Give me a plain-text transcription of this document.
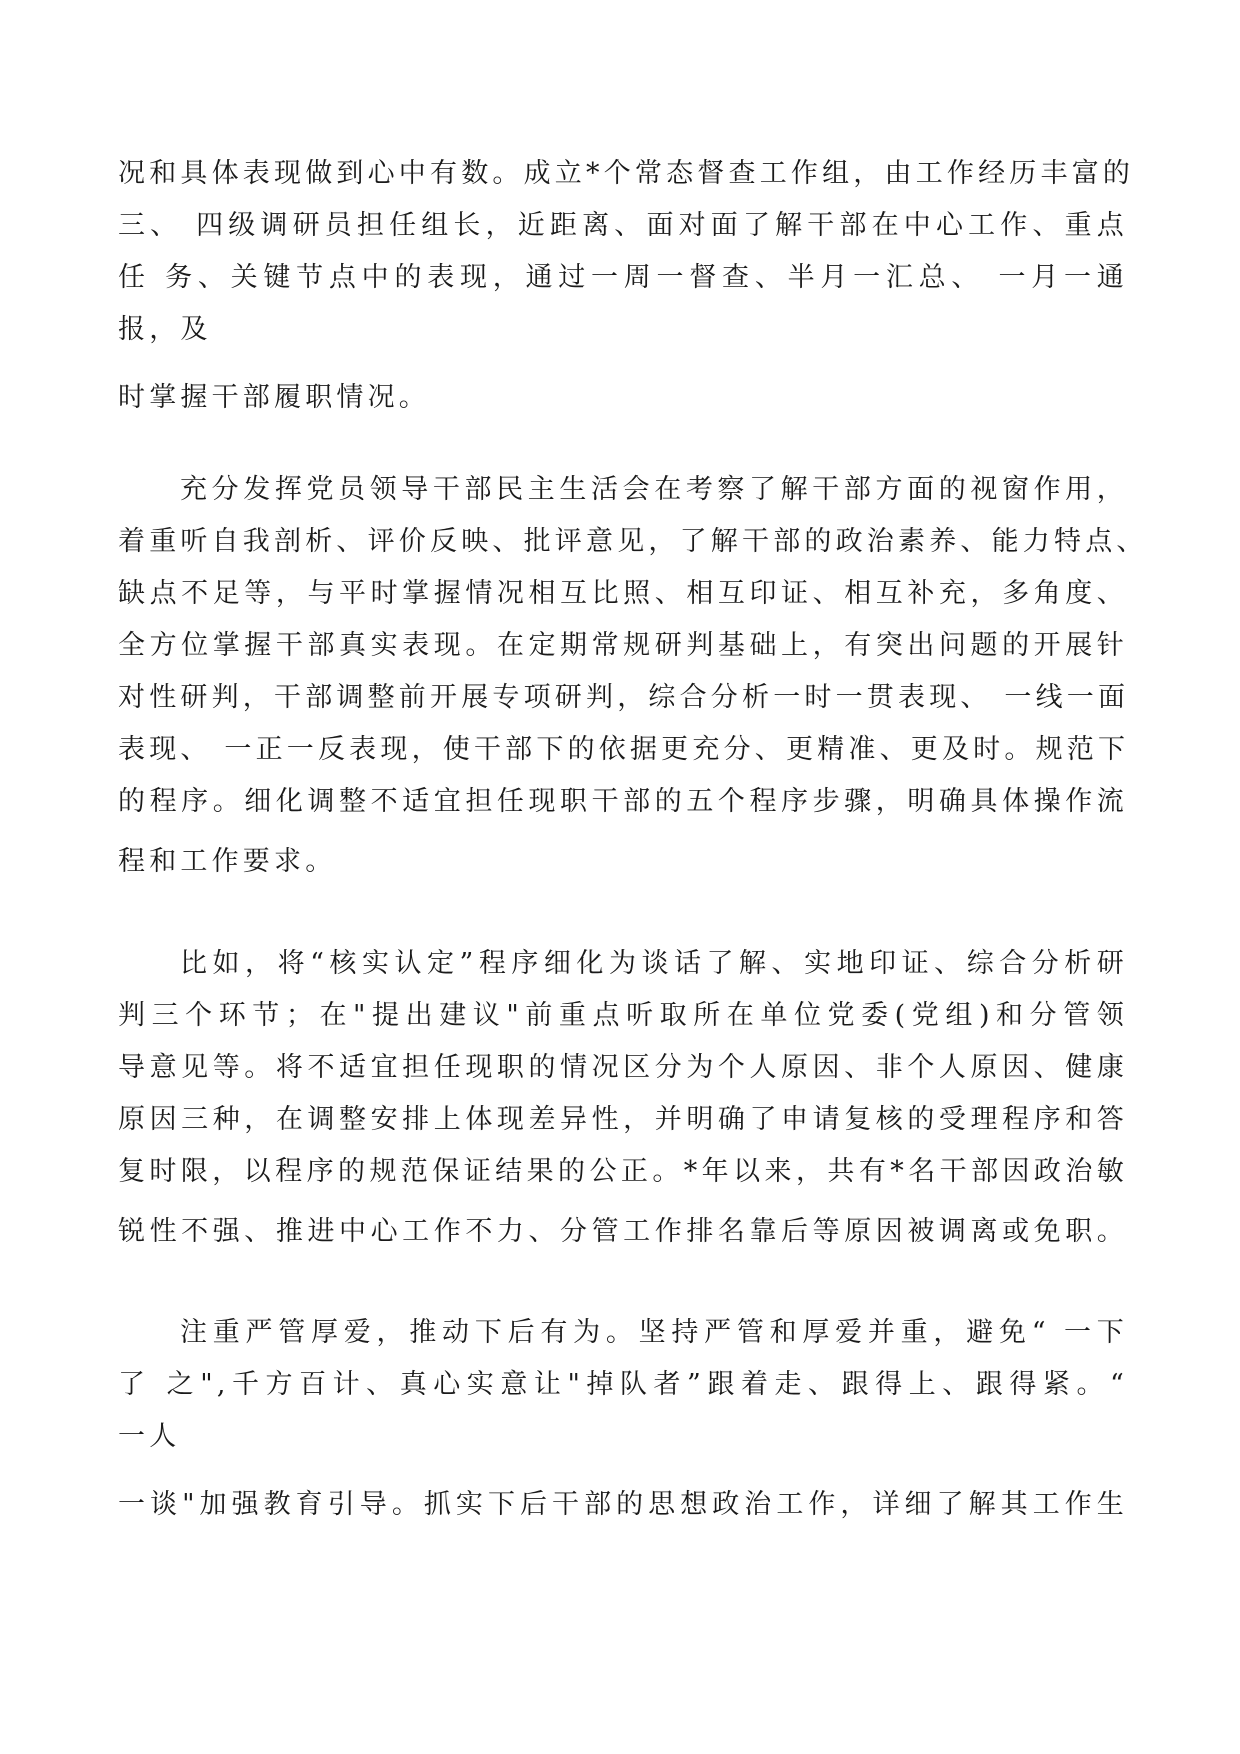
况和具体表现做到心中有数。成立*个常态督查工作组，由工作经历丰富的
三、 四级调研员担任组长，近距离、面对面了解干部在中心工作、重点
任 务、关键节点中的表现，通过一周一督查、半月一汇总、 一月一通
报，及
时掌握干部履职情况。
充分发挥党员领导干部民主生活会在考察了解干部方面的视窗作用，
着重听自我剖析、评价反映、批评意见，了解干部的政治素养、能力特点、
缺点不足等，与平时掌握情况相互比照、相互印证、相互补充，多角度、
全方位掌握干部真实表现。在定期常规研判基础上，有突出问题的开展针
对性研判，干部调整前开展专项研判，综合分析一时一贯表现、 一线一面
表现、 一正一反表现，使干部下的依据更充分、更精准、更及时。规范下
的程序。细化调整不适宜担任现职干部的五个程序步骤，明确具体操作流
程和工作要求。
比如，将“核实认定”程序细化为谈话了解、实地印证、综合分析研
判三个环节；在"提出建议"前重点听取所在单位党委(党组)和分管领
导意见等。将不适宜担任现职的情况区分为个人原因、非个人原因、健康
原因三种，在调整安排上体现差异性，并明确了申请复核的受理程序和答
复时限，以程序的规范保证结果的公正。*年以来，共有*名干部因政治敏
锐性不强、推进中心工作不力、分管工作排名靠后等原因被调离或免职。
注重严管厚爱，推动下后有为。坚持严管和厚爱并重，避免“ 一下
了 之",千方百计、真心实意让"掉队者”跟着走、跟得上、跟得紧。“
一人
一谈"加强教育引导。抓实下后干部的思想政治工作，详细了解其工作生
